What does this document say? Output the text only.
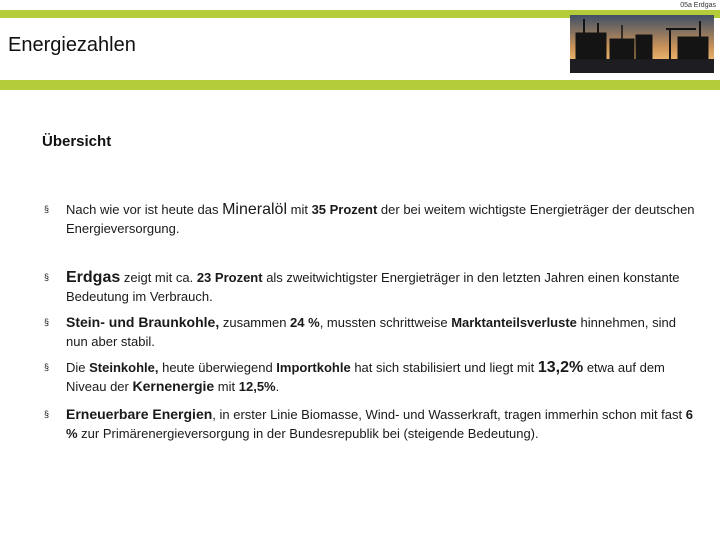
05a Erdgas
Energiezahlen
Übersicht
§ Nach wie vor ist heute das Mineralöl mit 35 Prozent der bei weitem wichtigste Energieträger der deutschen Energieversorgung.
§ Erdgas zeigt mit ca. 23 Prozent als zweitwichtigster Energieträger in den letzten Jahren einen konstante Bedeutung im Verbrauch.
§ Stein- und Braunkohle, zusammen 24 %, mussten schrittweise Marktanteilsverluste hinnehmen, sind nun aber stabil.
§ Die Steinkohle, heute überwiegend Importkohle hat sich stabilisiert und liegt mit 13,2% etwa auf dem Niveau der Kernenergie mit 12,5%.
§ Erneuerbare Energien, in erster Linie Biomasse, Wind- und Wasserkraft, tragen immerhin schon mit fast 6 % zur Primärenergieversorgung in der Bundesrepublik bei (steigende Bedeutung).
